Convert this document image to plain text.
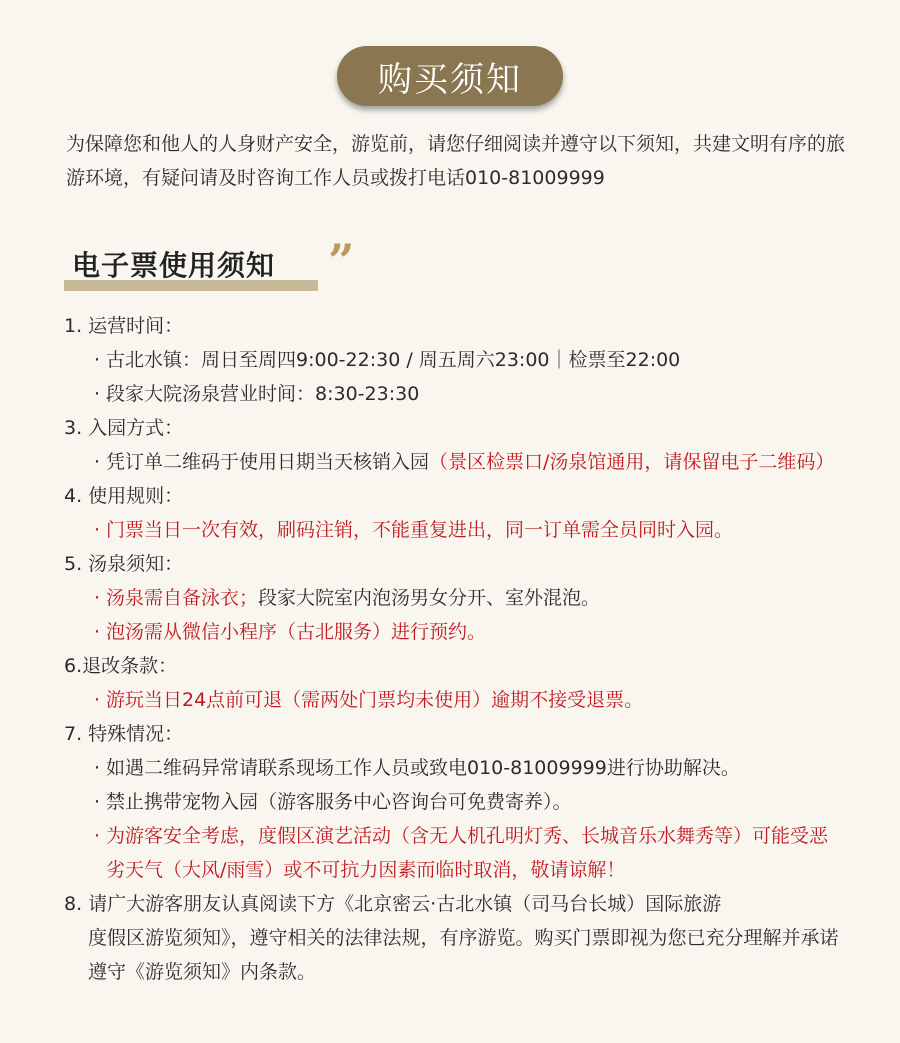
购买须知
为保障您和他人的人身财产安全，游览前，请您仔细阅读并遵守以下须知，共建文明有序的旅游环境，有疑问请及时咨询工作人员或拨打电话010-81009999
电子票使用须知 ”
1. 运营时间：
· 古北水镇：周日至周四9:00-22:30 / 周五周六23:00｜检票至22:00
· 段家大院汤泉营业时间：8:30-23:30
3. 入园方式：
· 凭订单二维码于使用日期当天核销入园（景区检票口/汤泉馆通用，请保留电子二维码）
4. 使用规则：
· 门票当日一次有效，刷码注销，不能重复进出，同一订单需全员同时入园。
5. 汤泉须知：
· 汤泉需自备泳衣；段家大院室内泡汤男女分开、室外混泡。
· 泡汤需从微信小程序（古北服务）进行预约。
6.退改条款：
· 游玩当日24点前可退（需两处门票均未使用）逾期不接受退票。
7. 特殊情况：
· 如遇二维码异常请联系现场工作人员或致电010-81009999进行协助解决。
· 禁止携带宠物入园（游客服务中心咨询台可免费寄养）。
· 为游客安全考虑，度假区演艺活动（含无人机孔明灯秀、长城音乐水舞秀等）可能受恶劣天气（大风/雨雪）或不可抗力因素而临时取消，敬请谅解！
8. 请广大游客朋友认真阅读下方《北京密云·古北水镇（司马台长城）国际旅游
度假区游览须知》，遵守相关的法律法规，有序游览。购买门票即视为您已充分理解并承诺遵守《游览须知》内条款。
